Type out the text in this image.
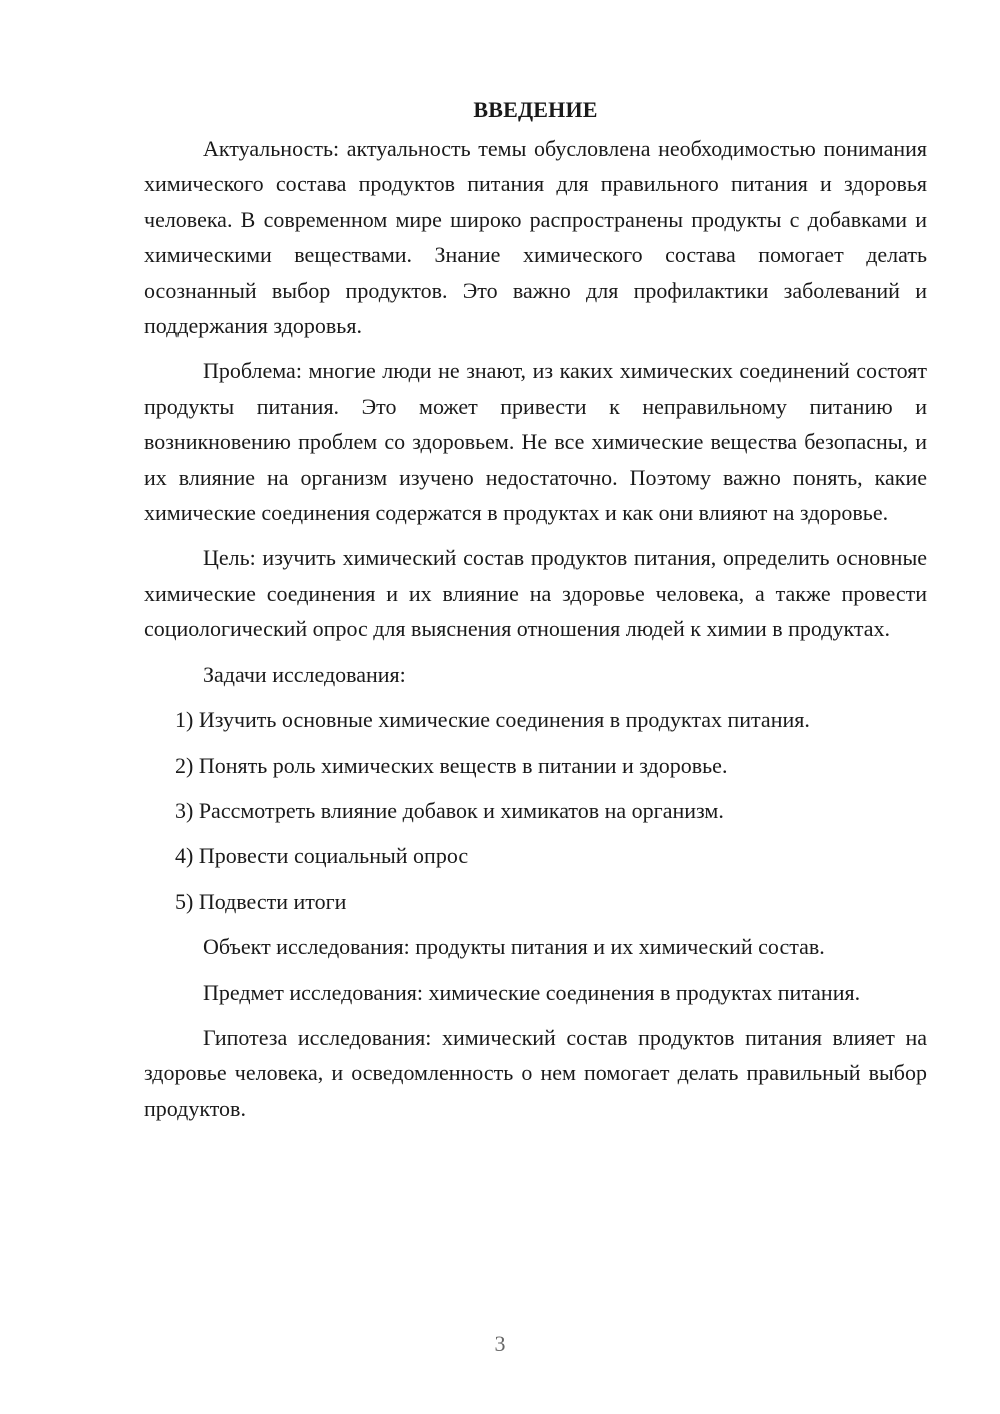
ВВЕДЕНИЕ

Актуальность: актуальность темы обусловлена необходимостью понимания химического состава продуктов питания для правильного питания и здоровья человека. В современном мире широко распространены продукты с добавками и химическими веществами. Знание химического состава помогает делать осознанный выбор продуктов. Это важно для профилактики заболеваний и поддержания здоровья.

Проблема: многие люди не знают, из каких химических соединений состоят продукты питания. Это может привести к неправильному питанию и возникновению проблем со здоровьем. Не все химические вещества безопасны, и их влияние на организм изучено недостаточно. Поэтому важно понять, какие химические соединения содержатся в продуктах и как они влияют на здоровье.

Цель: изучить химический состав продуктов питания, определить основные химические соединения и их влияние на здоровье человека, а также провести социологический опрос для выяснения отношения людей к химии в продуктах.

Задачи исследования:

1) Изучить основные химические соединения в продуктах питания.
2) Понять роль химических веществ в питании и здоровье.
3) Рассмотреть влияние добавок и химикатов на организм.
4) Провести социальный опрос
5) Подвести итоги

Объект исследования: продукты питания и их химический состав.

Предмет исследования: химические соединения в продуктах питания.

Гипотеза исследования: химический состав продуктов питания влияет на здоровье человека, и осведомленность о нем помогает делать правильный выбор продуктов.

3
